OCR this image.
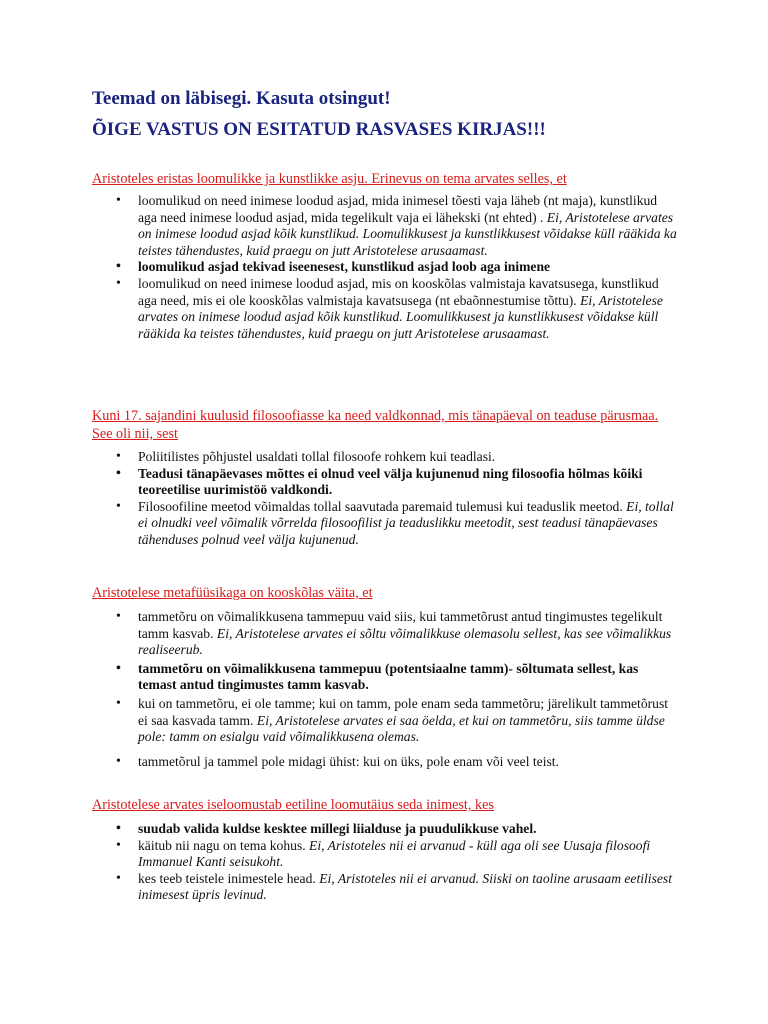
Teemad on läbisegi. Kasuta otsingut!

ÕIGE VASTUS ON ESITATUD RASVASES KIRJAS!!!

Aristoteles eristas loomulikke ja kunstlikke asju. Erinevus on tema arvates selles, et

• loomulikud on need inimese loodud asjad, mida inimesel tõesti vaja läheb (nt maja), kunstlikud aga need inimese loodud asjad, mida tegelikult vaja ei lähekski (nt ehted) . Ei, Aristotelese arvates on inimese loodud asjad kõik kunstlikud. Loomulikkusest ja kunstlikkusest võidakse küll rääkida ka teistes tähendustes, kuid praegu on jutt Aristotelese arusaamast.
• loomulikud asjad tekivad iseenesest, kunstlikud asjad loob aga inimene
• loomulikud on need inimese loodud asjad, mis on kooskõlas valmistaja kavatsusega, kunstlikud aga need, mis ei ole kooskõlas valmistaja kavatsusega (nt ebaõnnestumise tõttu). Ei, Aristotelese arvates on inimese loodud asjad kõik kunstlikud. Loomulikkusest ja kunstlikkusest võidakse küll rääkida ka teistes tähendustes, kuid praegu on jutt Aristotelese arusaamast.

Kuni 17. sajandini kuulusid filosoofiasse ka need valdkonnad, mis tänapäeval on teaduse pärusmaa. See oli nii, sest

• Poliitilistes põhjustel usaldati tollal filosoofe rohkem kui teadlasi.
• Teadusi tänapäevases mõttes ei olnud veel välja kujunenud ning filosoofia hõlmas kõiki teoreetilise uurimistöö valdkondi.
• Filosoofiline meetod võimaldas tollal saavutada paremaid tulemusi kui teaduslik meetod. Ei, tollal ei olnudki veel võimalik võrrelda filosoofilist ja teaduslikku meetodit, sest teadusi tänapäevases tähenduses polnud veel välja kujunenud.

Aristotelese metafüüsikaga on kooskõlas väita, et

• tammetõru on võimalikkusena tammepuu vaid siis, kui tammetõrust antud tingimustes tegelikult tamm kasvab. Ei, Aristotelese arvates ei sõltu võimalikkuse olemasolu sellest, kas see võimalikkus realiseerub.
• tammetõru on võimalikkusena tammepuu (potentsiaalne tamm)- sõltumata sellest, kas temast antud tingimustes tamm kasvab.
• kui on tammetõru, ei ole tamme; kui on tamm, pole enam seda tammetõru; järelikult tammetõrust ei saa kasvada tamm. Ei, Aristotelese arvates ei saa öelda, et kui on tammetõru, siis tamme üldse pole: tamm on esialgu vaid võimalikkusena olemas.
• tammetõrul ja tammel pole midagi ühist: kui on üks, pole enam või veel teist.

Aristotelese arvates iseloomustab eetiline loomutäius seda inimest, kes

• suudab valida kuldse kesktee millegi liialduse ja puudulikkuse vahel.
• käitub nii nagu on tema kohus. Ei, Aristoteles nii ei arvanud - küll aga oli see Uusaja filosoofi Immanuel Kanti seisukoht.
• kes teeb teistele inimestele head. Ei, Aristoteles nii ei arvanud. Siiski on taoline arusaam eetilisest inimesest üpris levinud.
